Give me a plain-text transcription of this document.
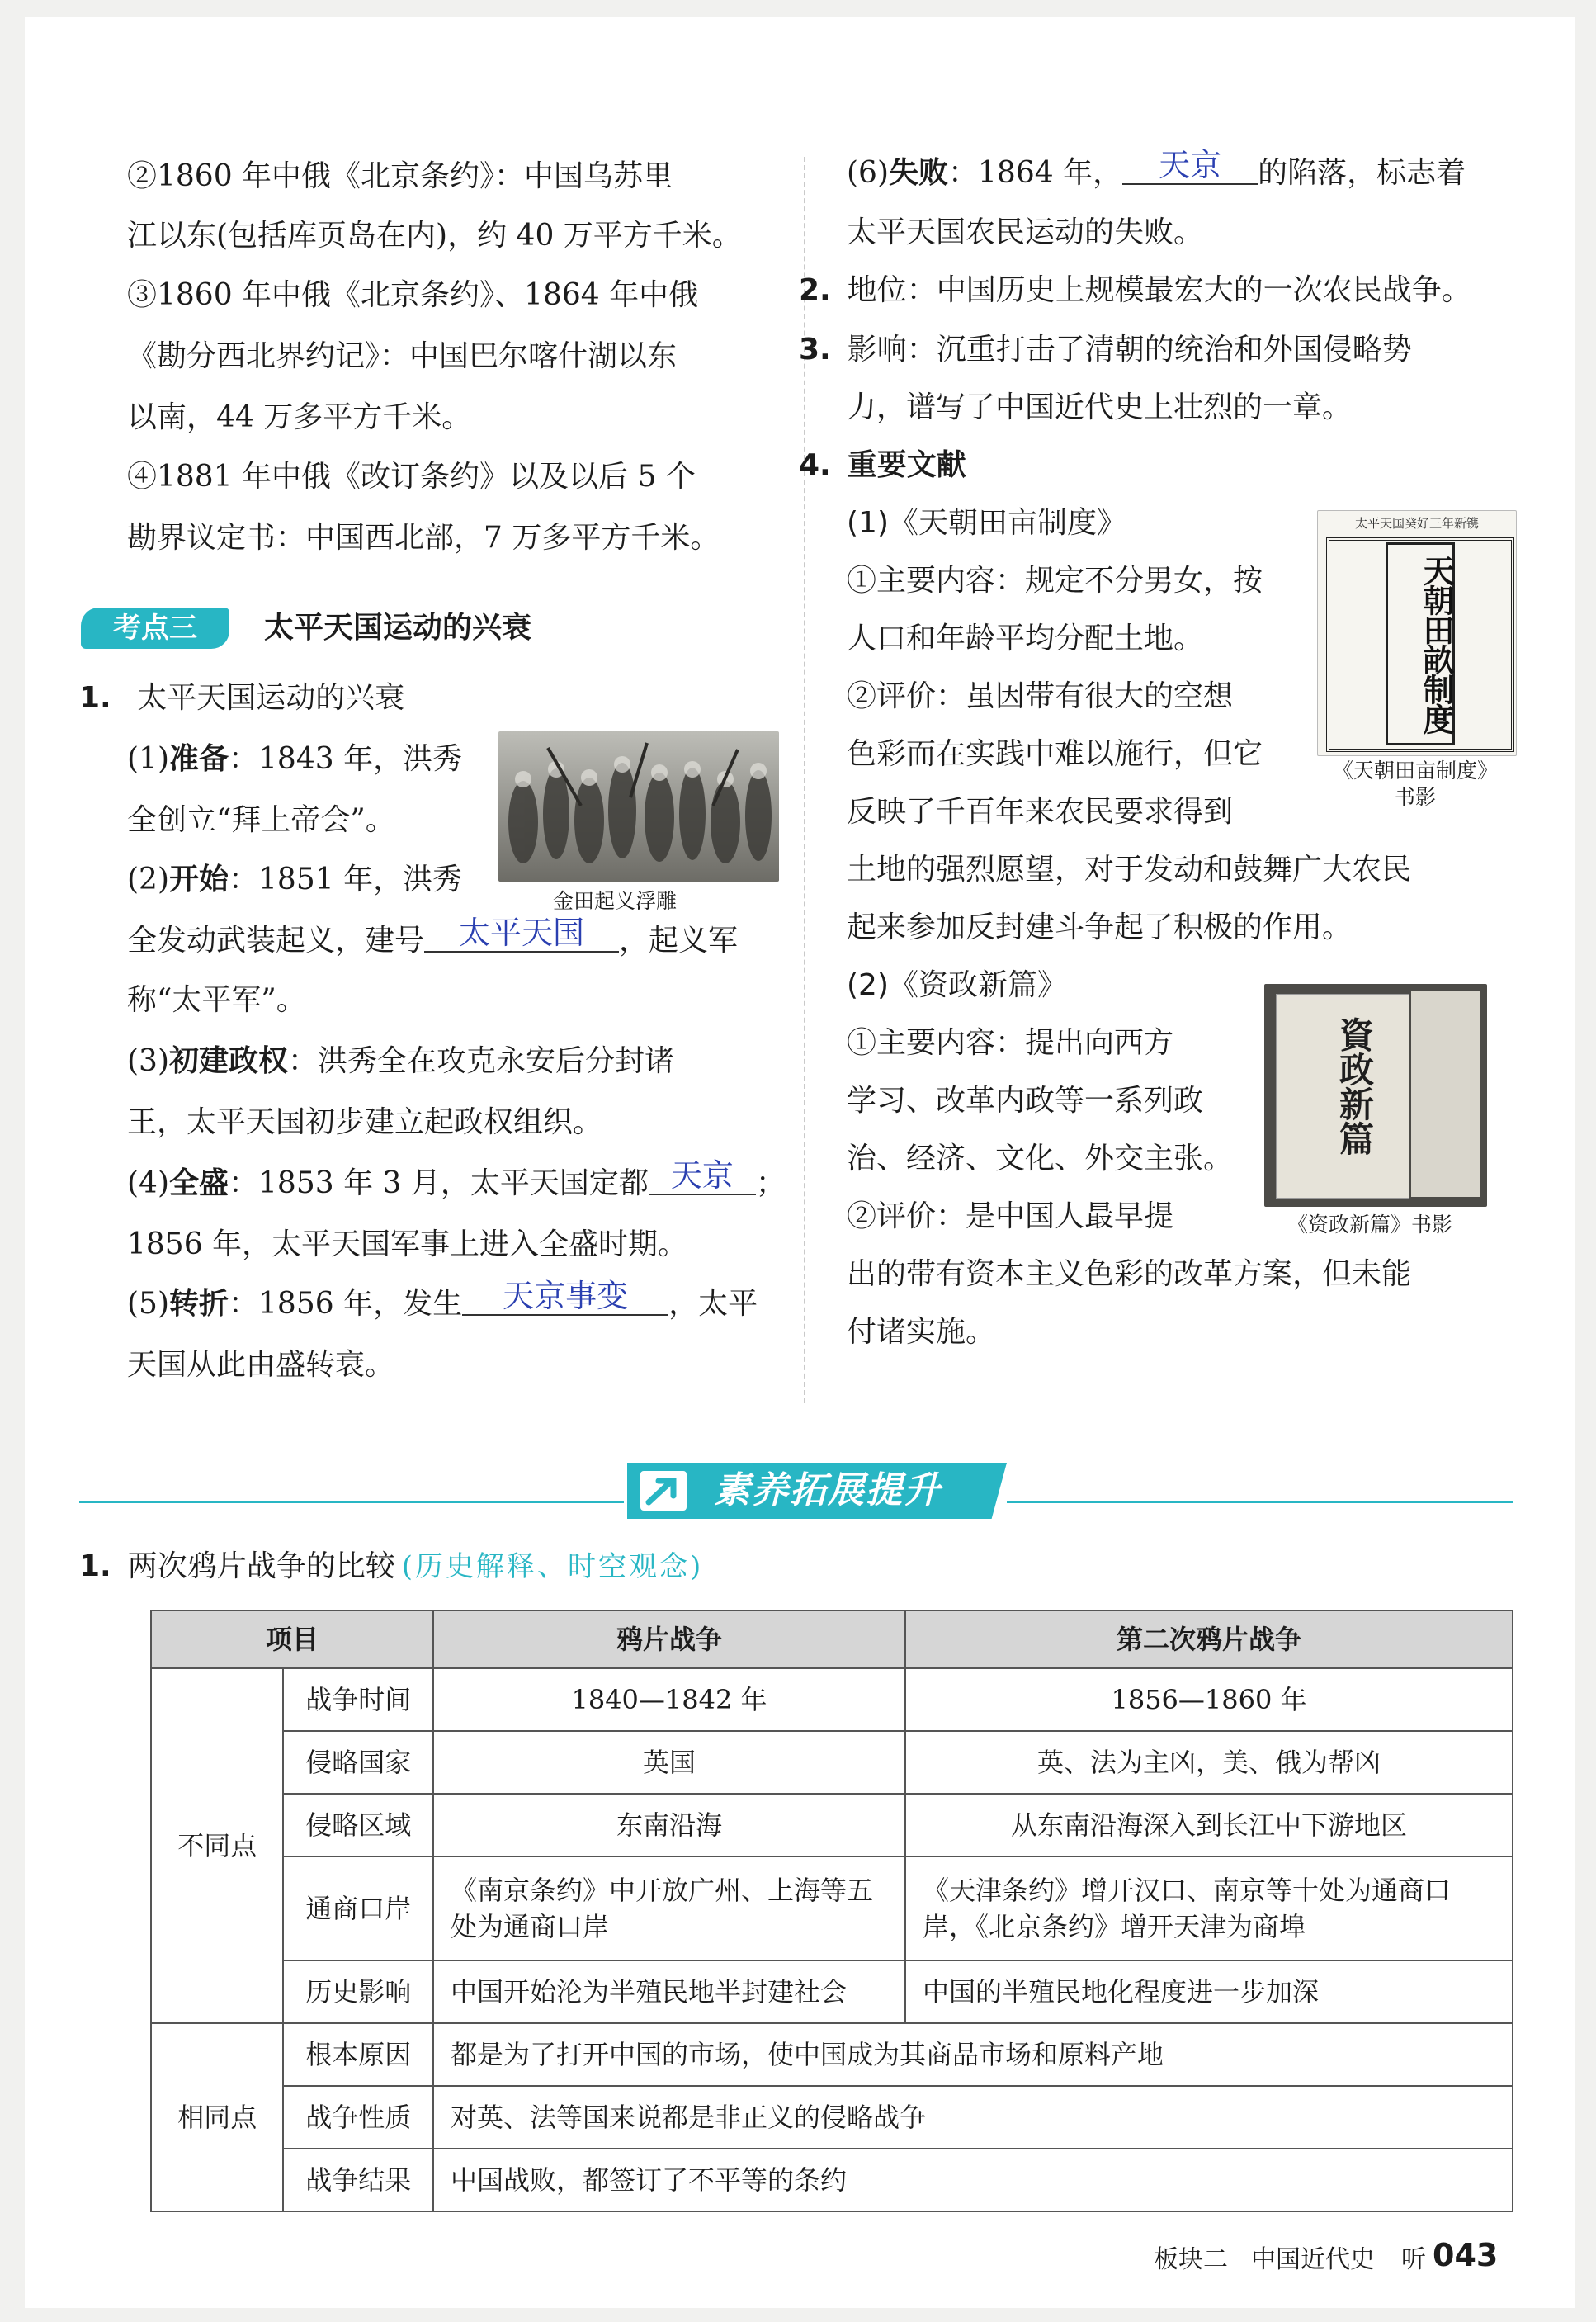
②1860 年中俄《北京条约》：中国乌苏里
江以东(包括库页岛在内)，约 40 万平方千米。
③1860 年中俄《北京条约》、1864 年中俄
《勘分西北界约记》：中国巴尔喀什湖以东
以南，44 万多平方千米。
④1881 年中俄《改订条约》以及以后 5 个
勘界议定书：中国西北部，7 万多平方千米。
考点三	太平天国运动的兴衰
1. 太平天国运动的兴衰
(1)准备：1843 年，洪秀
全创立“拜上帝会”。
金田起义浮雕
(2)开始：1851 年，洪秀
全发动武装起义，建号 太平天国 ，起义军
称“太平军”。
(3)初建政权：洪秀全在攻克永安后分封诸
王，太平天国初步建立起政权组织。
(4)全盛：1853 年 3 月，太平天国定都 天京 ；
1856 年，太平天国军事上进入全盛时期。
(5)转折：1856 年，发生 天京事变 ，太平
天国从此由盛转衰。
(6)失败：1864 年， 天京 的陷落，标志着
太平天国农民运动的失败。
2. 地位：中国历史上规模最宏大的一次农民战争。
3. 影响：沉重打击了清朝的统治和外国侵略势
力，谱写了中国近代史上壮烈的一章。
4. 重要文献
(1)《天朝田亩制度》
①主要内容：规定不分男女，按
人口和年龄平均分配土地。
②评价：虽因带有很大的空想
色彩而在实践中难以施行，但它
反映了千百年来农民要求得到
土地的强烈愿望，对于发动和鼓舞广大农民
起来参加反封建斗争起了积极的作用。
太平天国癸好三年新镌
天朝田畝制度
《天朝田亩制度》
书影
(2)《资政新篇》
①主要内容：提出向西方
学习、改革内政等一系列政
治、经济、文化、外交主张。
②评价：是中国人最早提
出的带有资本主义色彩的改革方案，但未能
付诸实施。
資政新篇
《资政新篇》书影
素养拓展提升
1. 两次鸦片战争的比较 (历史解释、时空观念)
项目		鸦片战争	第二次鸦片战争
不同点	战争时间	1840—1842 年	1856—1860 年
	侵略国家	英国	英、法为主凶，美、俄为帮凶
	侵略区域	东南沿海	从东南沿海深入到长江中下游地区
	通商口岸	《南京条约》中开放广州、上海等五处为通商口岸	《天津条约》增开汉口、南京等十处为通商口岸，《北京条约》增开天津为商埠
	历史影响	中国开始沦为半殖民地半封建社会	中国的半殖民地化程度进一步加深
相同点	根本原因	都是为了打开中国的市场，使中国成为其商品市场和原料产地	
	战争性质	对英、法等国来说都是非正义的侵略战争	
	战争结果	中国战败，都签订了不平等的条约	
板块二 中国近代史 听 043
